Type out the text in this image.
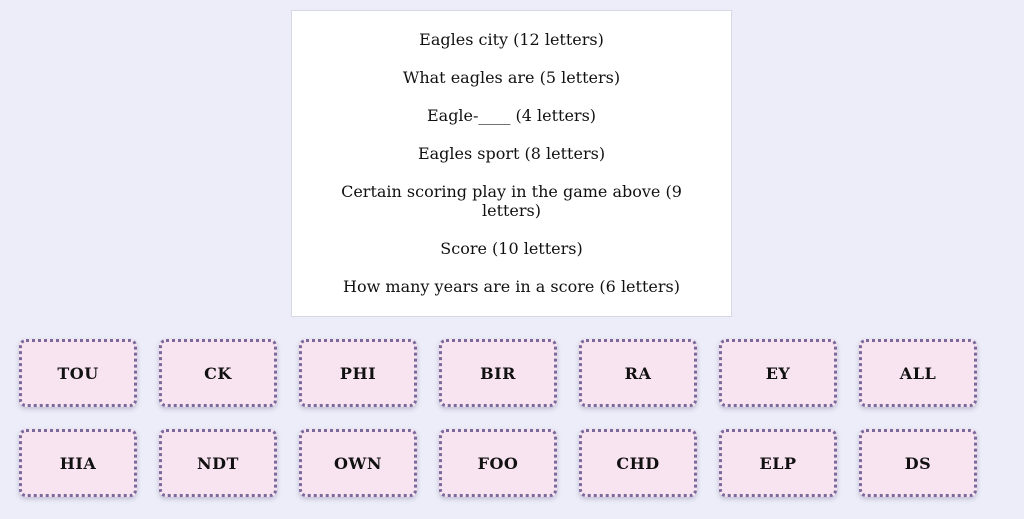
Eagles city (12 letters)
What eagles are (5 letters)
Eagle-____ (4 letters)
Eagles sport (8 letters)
Certain scoring play in the game above (9 letters)
Score (10 letters)
How many years are in a score (6 letters)
TOU	CK	PHI	BIR	RA	EY	ALL
HIA	NDT	OWN	FOO	CHD	ELP	DS
